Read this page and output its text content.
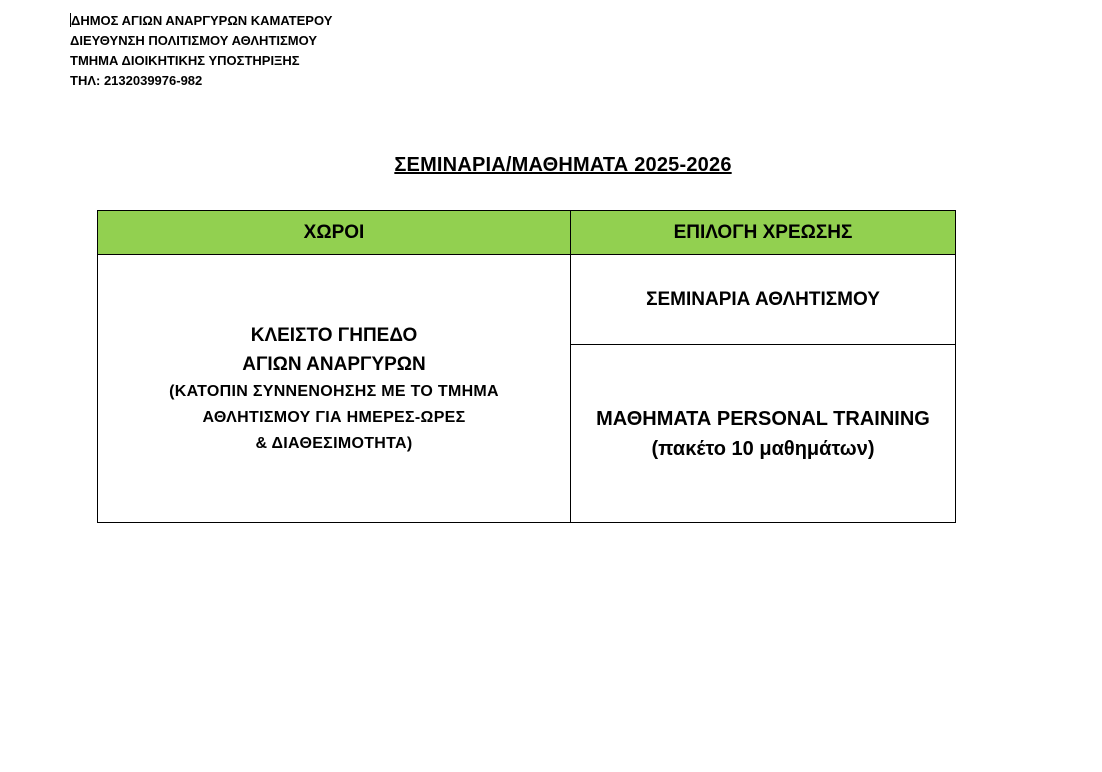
ΔΗΜΟΣ ΑΓΙΩΝ ΑΝΑΡΓΥΡΩΝ ΚΑΜΑΤΕΡΟΥ
ΔΙΕΥΘΥΝΣΗ ΠΟΛΙΤΙΣΜΟΥ ΑΘΛΗΤΙΣΜΟΥ
ΤΜΗΜΑ ΔΙΟΙΚΗΤΙΚΗΣ ΥΠΟΣΤΗΡΙΞΗΣ
ΤΗΛ: 2132039976-982
ΣΕΜΙΝΑΡΙΑ/ΜΑΘΗΜΑΤΑ 2025-2026
ΧΩΡΟΙ	ΕΠΙΛΟΓΗ ΧΡΕΩΣΗΣ

ΚΛΕΙΣΤΟ ΓΗΠΕΔΟ
ΑΓΙΩΝ ΑΝΑΡΓΥΡΩΝ
(ΚΑΤΟΠΙΝ ΣΥΝΝΕΝΟΗΣΗΣ ΜΕ ΤΟ ΤΜΗΜΑ
ΑΘΛΗΤΙΣΜΟΥ ΓΙΑ ΗΜΕΡΕΣ-ΩΡΕΣ
& ΔΙΑΘΕΣΙΜΟΤΗΤΑ)	ΣΕΜΙΝΑΡΙΑ ΑΘΛΗΤΙΣΜΟΥ

	ΜΑΘΗΜΑΤΑ PERSONAL TRAINING
(πακέτο 10 μαθημάτων)
